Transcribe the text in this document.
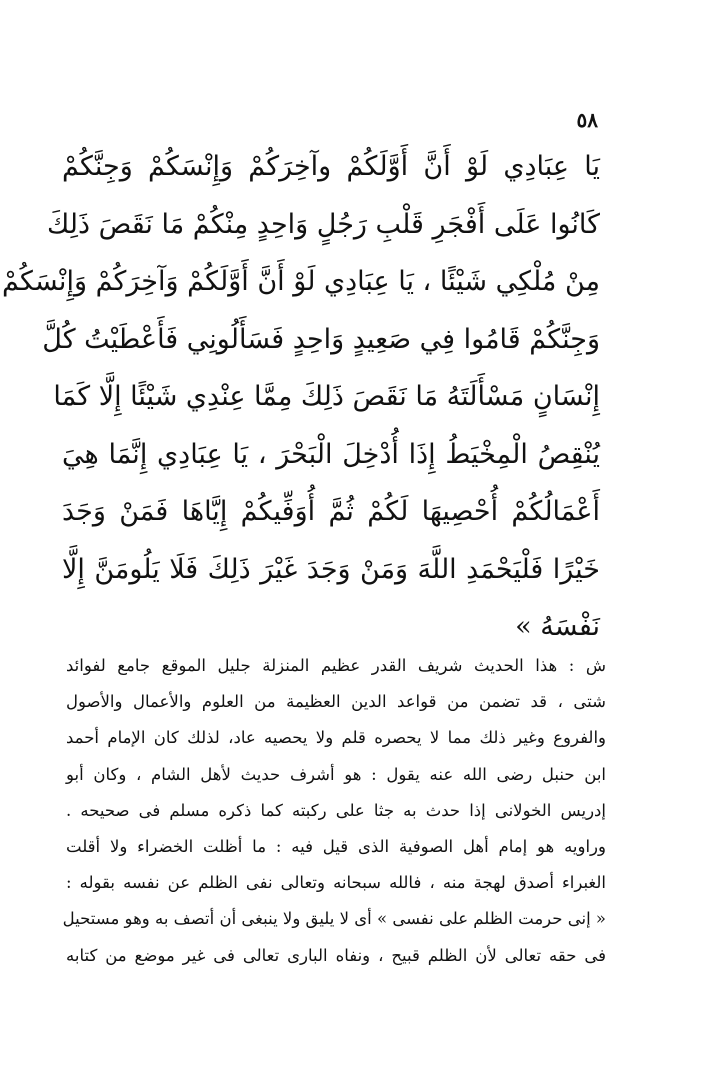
٥٨
يَا عِبَادِي لَوْ أَنَّ أَوَّلَكُمْ وآخِرَكُمْ وَإِنْسَكُمْ وَجِنَّكُمْ
كَانُوا عَلَى أَفْجَرِ قَلْبِ رَجُلٍ وَاحِدٍ مِنْكُمْ مَا نَقَصَ ذَلِكَ
مِنْ مُلْكِي شَيْئًا ، يَا عِبَادِي لَوْ أَنَّ أَوَّلَكُمْ وَآخِرَكُمْ وَإِنْسَكُمْ
وَجِنَّكُمْ قَامُوا فِي صَعِيدٍ وَاحِدٍ فَسَأَلُونِي فَأَعْطَيْتُ كُلَّ
إِنْسَانٍ مَسْأَلَتَهُ مَا نَقَصَ ذَلِكَ مِمَّا عِنْدِي شَيْئًا إِلَّا كَمَا
يُنْقِصُ الْمِخْيَطُ إِذَا أُدْخِلَ الْبَحْرَ ، يَا عِبَادِي إِنَّمَا هِيَ
أَعْمَالُكُمْ أُحْصِيهَا لَكُمْ ثُمَّ أُوَفِّيكُمْ إِيَّاهَا فَمَنْ وَجَدَ
خَيْرًا فَلْيَحْمَدِ اللَّهَ وَمَنْ وَجَدَ غَيْرَ ذَلِكَ فَلَا يَلُومَنَّ إِلَّا
نَفْسَهُ »
ش : هذا الحديث شريف القدر عظيم المنزلة جليل الموقع جامع لفوائد
شتى ، قد تضمن من قواعد الدين العظيمة من العلوم والأعمال والأصول
والفروع وغير ذلك مما لا يحصره قلم ولا يحصيه عاد، لذلك كان الإمام أحمد
ابن حنبل رضى الله عنه يقول : هو أشرف حديث لأهل الشام ، وكان أبو
إدريس الخولانى إذا حدث به جثا على ركبته كما ذكره مسلم فى صحيحه .
وراويه هو إمام أهل الصوفية الذى قيل فيه : ما أظلت الخضراء ولا أقلت
الغبراء أصدق لهجة منه ، فالله سبحانه وتعالى نفى الظلم عن نفسه بقوله :
« إنى حرمت الظلم على نفسى » أى لا يليق ولا ينبغى أن أتصف به وهو مستحيل
فى حقه تعالى لأن الظلم قبيح ، ونفاه البارى تعالى فى غير موضع من كتابه
